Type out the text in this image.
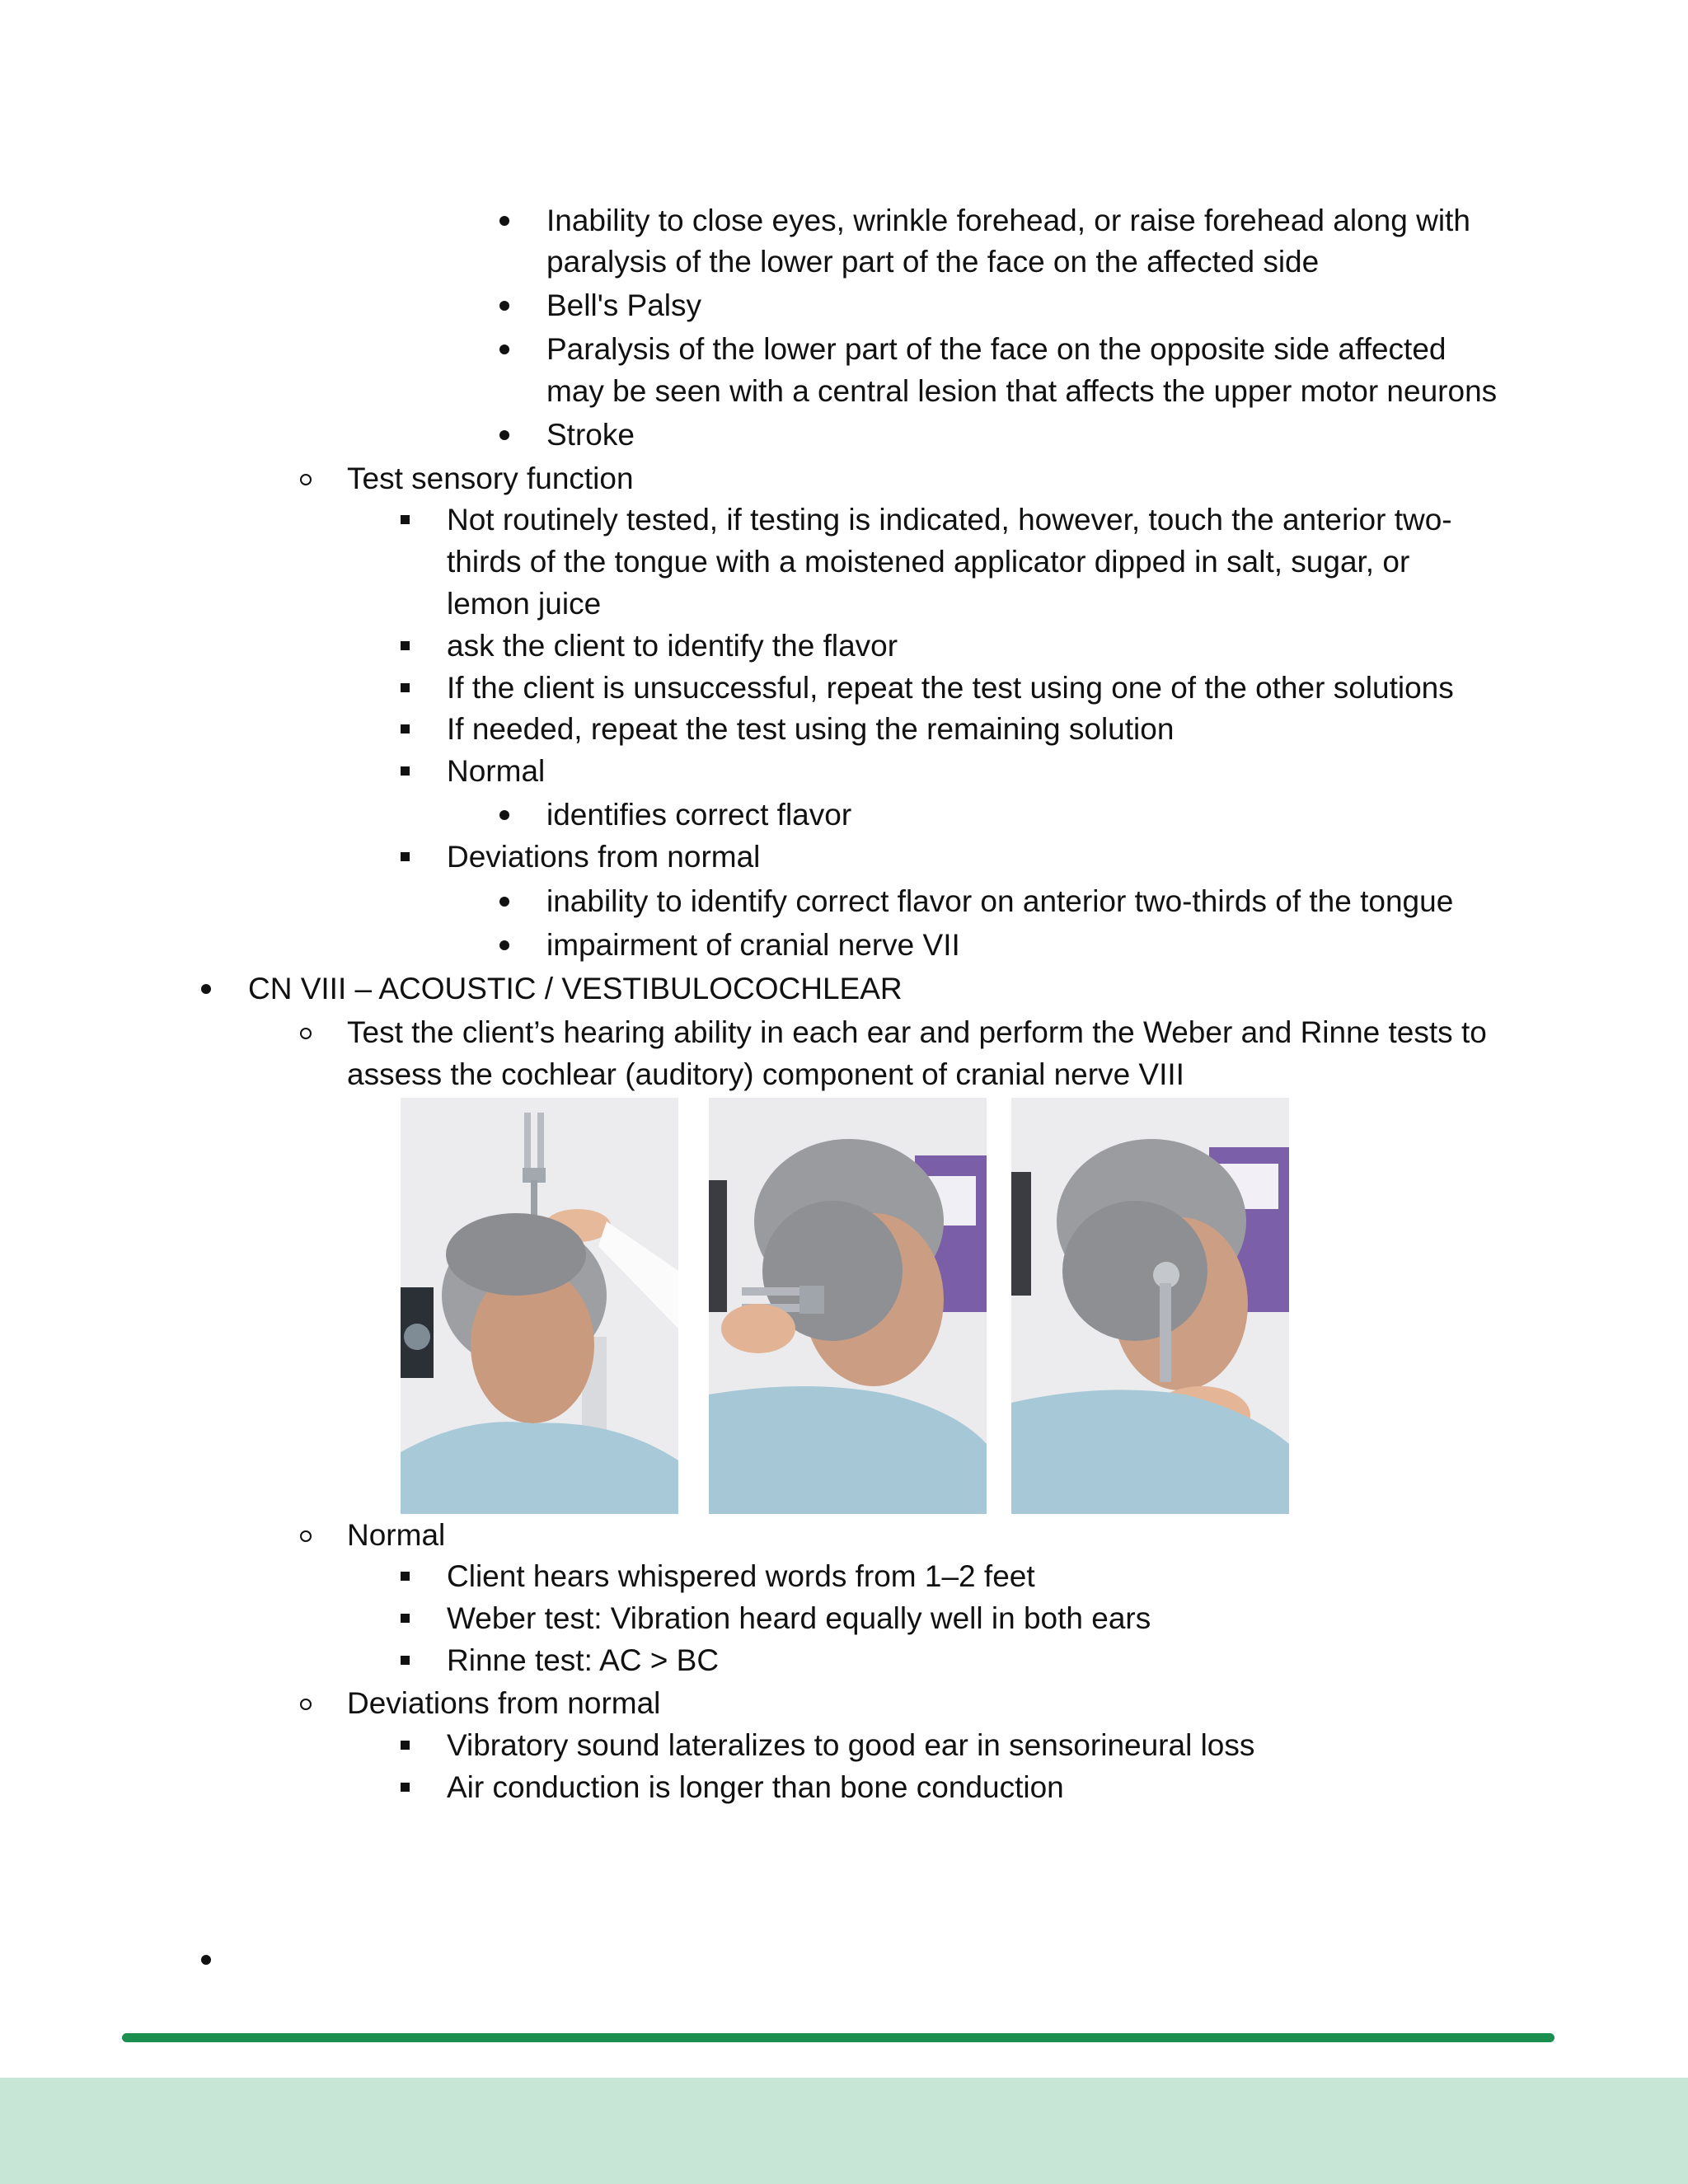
Inability to close eyes, wrinkle forehead, or raise forehead along with
paralysis of the lower part of the face on the affected side
Bell's Palsy
Paralysis of the lower part of the face on the opposite side affected
may be seen with a central lesion that affects the upper motor neurons
Stroke
Test sensory function
Not routinely tested, if testing is indicated, however, touch the anterior two-
thirds of the tongue with a moistened applicator dipped in salt, sugar, or
lemon juice
ask the client to identify the flavor
If the client is unsuccessful, repeat the test using one of the other solutions
If needed, repeat the test using the remaining solution
Normal
identifies correct flavor
Deviations from normal
inability to identify correct flavor on anterior two-thirds of the tongue
impairment of cranial nerve VII
CN VIII – ACOUSTIC / VESTIBULOCOCHLEAR
Test the client’s hearing ability in each ear and perform the Weber and Rinne tests to
assess the cochlear (auditory) component of cranial nerve VIII
Normal
Client hears whispered words from 1–2 feet
Weber test: Vibration heard equally well in both ears
Rinne test: AC > BC
Deviations from normal
Vibratory sound lateralizes to good ear in sensorineural loss
Air conduction is longer than bone conduction
